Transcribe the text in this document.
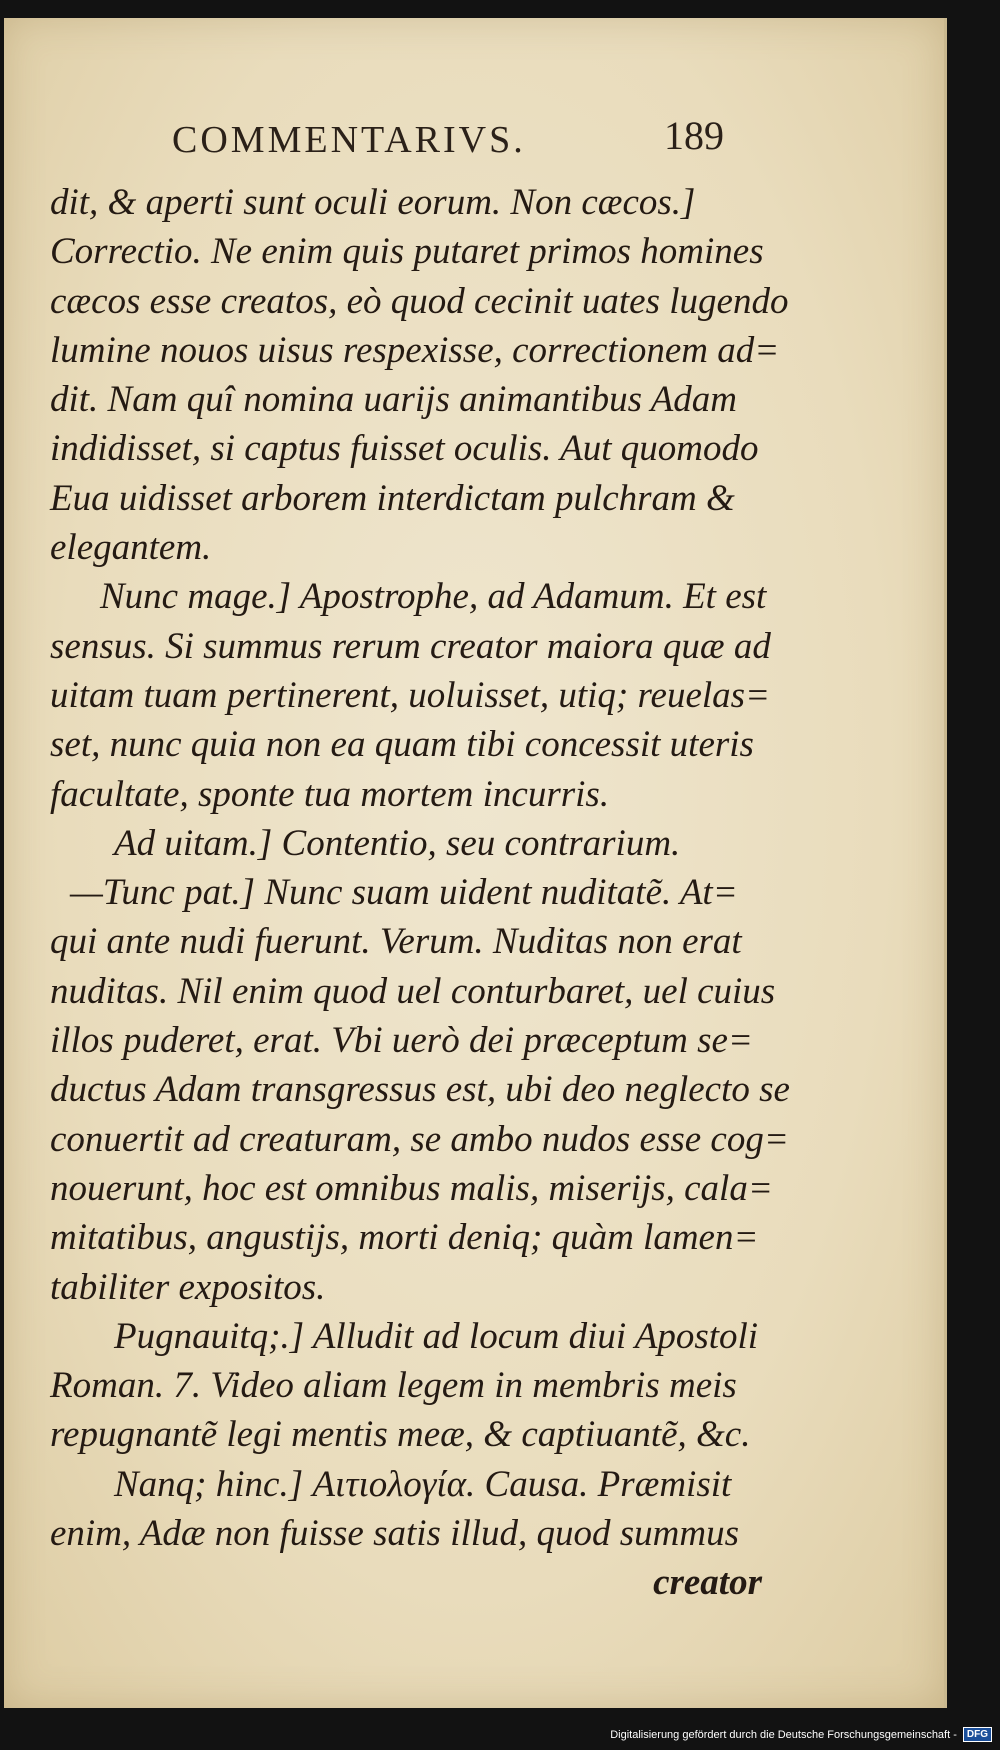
COMMENTARIVS.	189
dit, & aperti sunt oculi eorum. Non cæcos.]
Correctio. Ne enim quis putaret primos homines
cæcos esse creatos, eò quod cecinit uates lugendo
lumine nouos uisus respexisse, correctionem ad=
dit. Nam quî nomina uarijs animantibus Adam
indidisset, si captus fuisset oculis. Aut quomodo
Eua uidisset arborem interdictam pulchram &
elegantem.
Nunc mage.] Apostrophe, ad Adamum. Et est
sensus. Si summus rerum creator maiora quæ ad
uitam tuam pertinerent, uoluisset, utiq; reuelas=
set, nunc quia non ea quam tibi concessit uteris
facultate, sponte tua mortem incurris.
Ad uitam.] Contentio, seu contrarium.
—Tunc pat.] Nunc suam uident nuditatẽ. At=
qui ante nudi fuerunt. Verum. Nuditas non erat
nuditas. Nil enim quod uel conturbaret, uel cuius
illos puderet, erat. Vbi uerò dei præceptum se=
ductus Adam transgressus est, ubi deo neglecto se
conuertit ad creaturam, se ambo nudos esse cog=
nouerunt, hoc est omnibus malis, miserijs, cala=
mitatibus, angustijs, morti deniq; quàm lamen=
tabiliter expositos.
Pugnauitq;.] Alludit ad locum diui Apostoli
Roman. 7. Video aliam legem in membris meis
repugnantẽ legi mentis meæ, & captiuantẽ, &c.
Nanq; hinc.] Αιτιολογία. Causa. Præmisit
enim, Adæ non fuisse satis illud, quod summus
creator
Digitalisierung gefördert durch die Deutsche Forschungsgemeinschaft -	DFG
